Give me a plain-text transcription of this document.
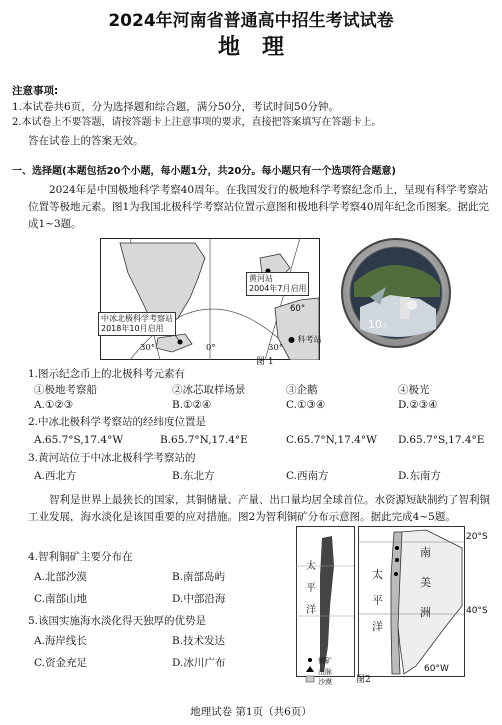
2024年河南省普通高中招生考试试卷
地理
注意事项:
1.本试卷共6页，分为选择题和综合题，满分50分，考试时间50分钟。
2.本试卷上不要答题，请按答题卡上注意事项的要求，直接把答案填写在答题卡上。
答在试卷上的答案无效。
一、选择题(本题包括20个小题，每小题1分，共20分。每小题只有一个选项符合题意)
2024年是中国极地科学考察40周年。在我国发行的极地科学考察纪念币上，呈现有科学考察站位置等极地元素。图1为我国北极科学考察站位置示意图和极地科学考察40周年纪念币图案。据此完成1~3题。
黄河站
2004年7月启用
中冰北极科学考察站
2018年10月启用
60°
● 科考站
30°	0°	30°
10元
图 1
1.图示纪念币上的北极科考元素有
①极地考察船	②冰芯取样场景	③企鹅	④极光
A.①②③	B.①②④	C.①③④	D.②③④
2.中冰北极科学考察站的经纬度位置是
A.65.7°S,17.4°W	B.65.7°N,17.4°E	C.65.7°N,17.4°W D.65.7°S,17.4°E
3.黄河站位于中冰北极科学考察站的
A.西北方	B.东北方	C.西南方	D.东南方
智利是世界上最狭长的国家，其铜储量、产量、出口量均居全球首位。水资源短缺制约了智利铜工业发展，海水淡化是该国重要的应对措施。图2为智利铜矿分布示意图。据此完成4~5题。
4.智利铜矿主要分布在
A.北部沙漠	B.南部岛屿
C.南部山地	D.中部沿海
5.该国实施海水淡化得天独厚的优势是
A.海岸线长	B.技术发达
C.资金充足	D.冰川广布
太
平
洋
太
平
洋
南
美
洲
20°S
40°S
60°W
铜矿
山脉
沙漠	图2
地理试卷 第1页（共6页）
